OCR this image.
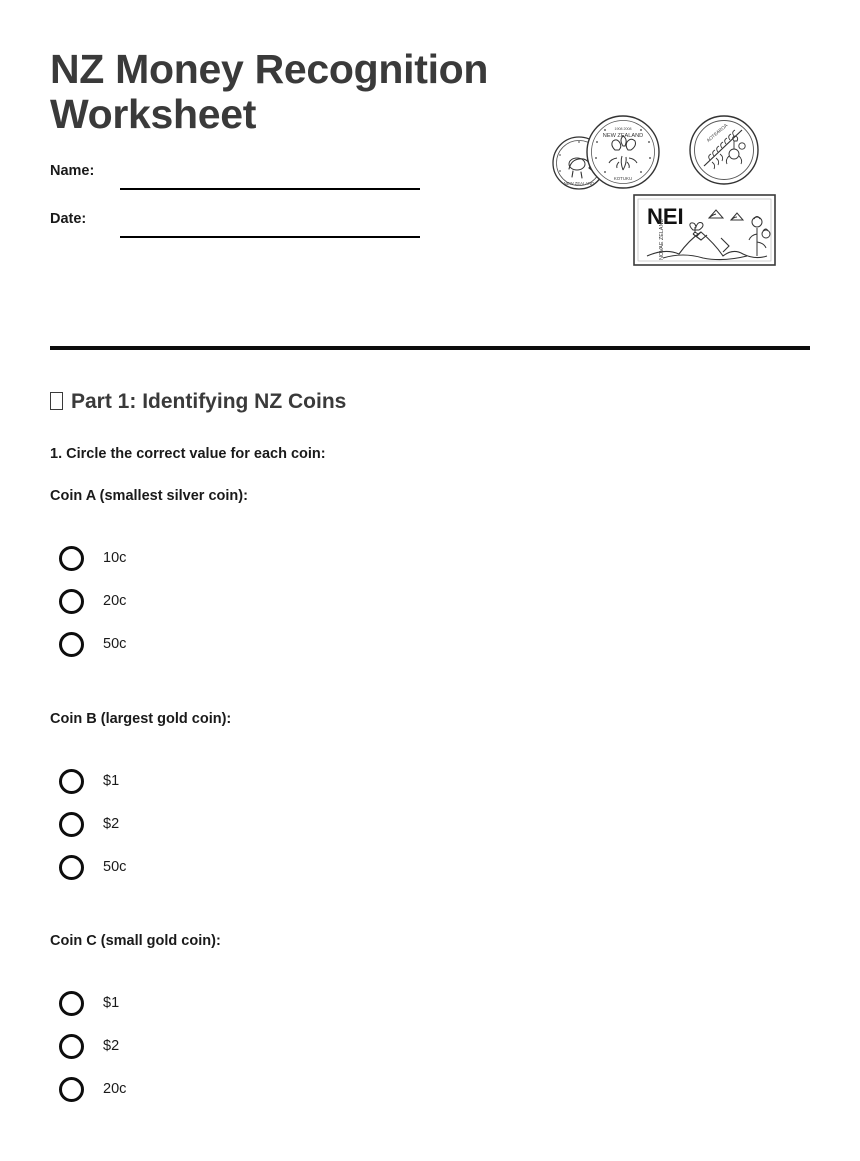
NZ Money Recognition Worksheet
Name:
Date:
NEW ZEALAND
1908 2008
NEW ZEALAND
KOTUKU
AOTEAROA
NEI
NOVAE ZELAND
Part 1: Identifying NZ Coins
1. Circle the correct value for each coin:
Coin A (smallest silver coin):
10c
20c
50c
Coin B (largest gold coin):
$1
$2
50c
Coin C (small gold coin):
$1
$2
20c
